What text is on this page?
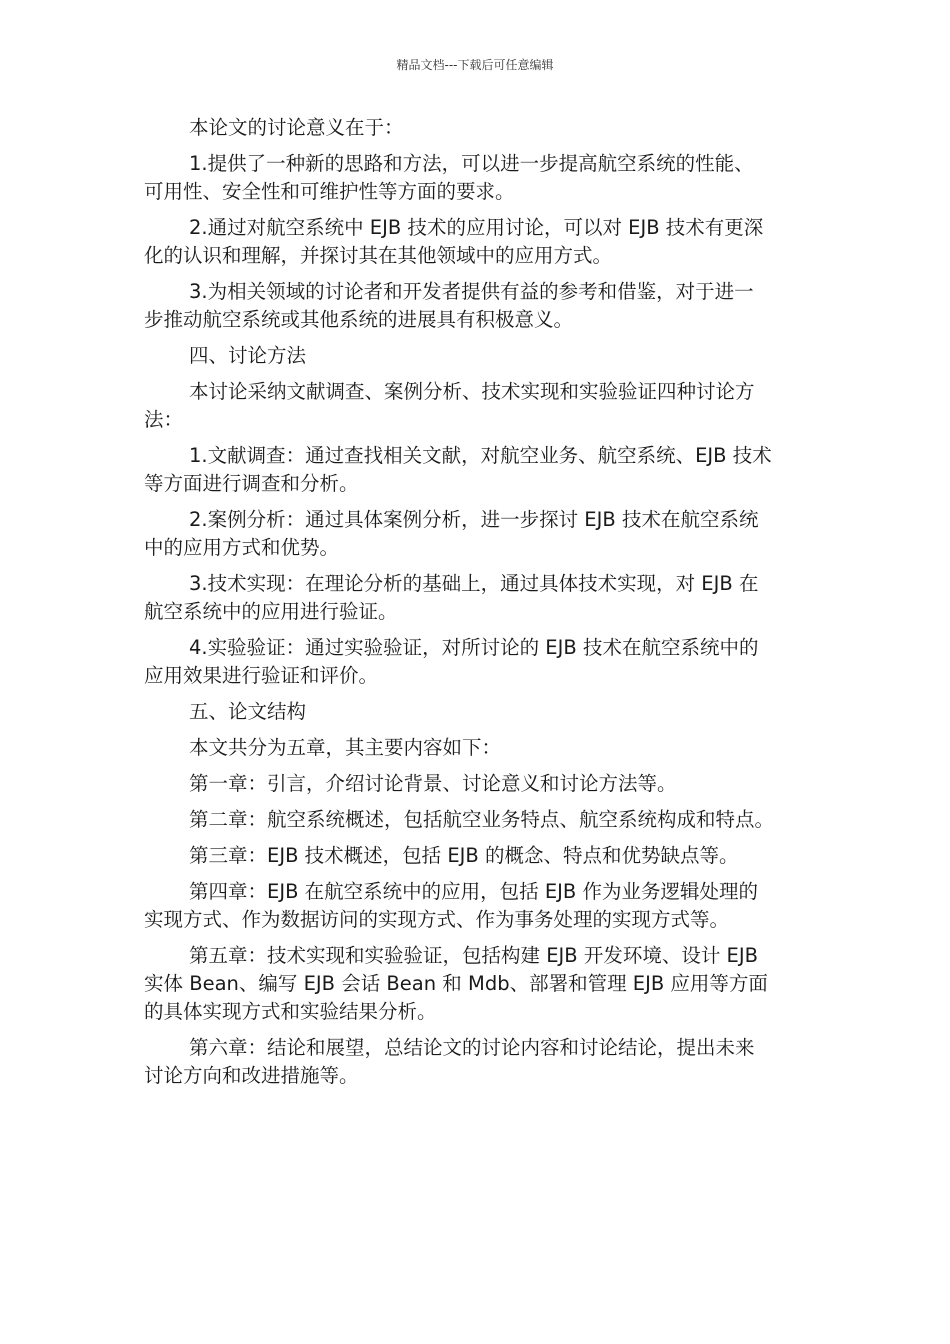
精品文档---下载后可任意编辑

本论文的讨论意义在于：

1.提供了一种新的思路和方法，可以进一步提高航空系统的性能、
可用性、安全性和可维护性等方面的要求。

2.通过对航空系统中 EJB 技术的应用讨论，可以对 EJB 技术有更深
化的认识和理解，并探讨其在其他领域中的应用方式。

3.为相关领域的讨论者和开发者提供有益的参考和借鉴，对于进一
步推动航空系统或其他系统的进展具有积极意义。

四、讨论方法

本讨论采纳文献调查、案例分析、技术实现和实验验证四种讨论方
法：

1.文献调查：通过查找相关文献，对航空业务、航空系统、EJB 技术
等方面进行调查和分析。

2.案例分析：通过具体案例分析，进一步探讨 EJB 技术在航空系统
中的应用方式和优势。

3.技术实现：在理论分析的基础上，通过具体技术实现，对 EJB 在
航空系统中的应用进行验证。

4.实验验证：通过实验验证，对所讨论的 EJB 技术在航空系统中的
应用效果进行验证和评价。

五、论文结构

本文共分为五章，其主要内容如下：

第一章：引言，介绍讨论背景、讨论意义和讨论方法等。

第二章：航空系统概述，包括航空业务特点、航空系统构成和特点。

第三章：EJB 技术概述，包括 EJB 的概念、特点和优势缺点等。

第四章：EJB 在航空系统中的应用，包括 EJB 作为业务逻辑处理的
实现方式、作为数据访问的实现方式、作为事务处理的实现方式等。

第五章：技术实现和实验验证，包括构建 EJB 开发环境、设计 EJB
实体 Bean、编写 EJB 会话 Bean 和 Mdb、部署和管理 EJB 应用等方面
的具体实现方式和实验结果分析。

第六章：结论和展望，总结论文的讨论内容和讨论结论，提出未来
讨论方向和改进措施等。
